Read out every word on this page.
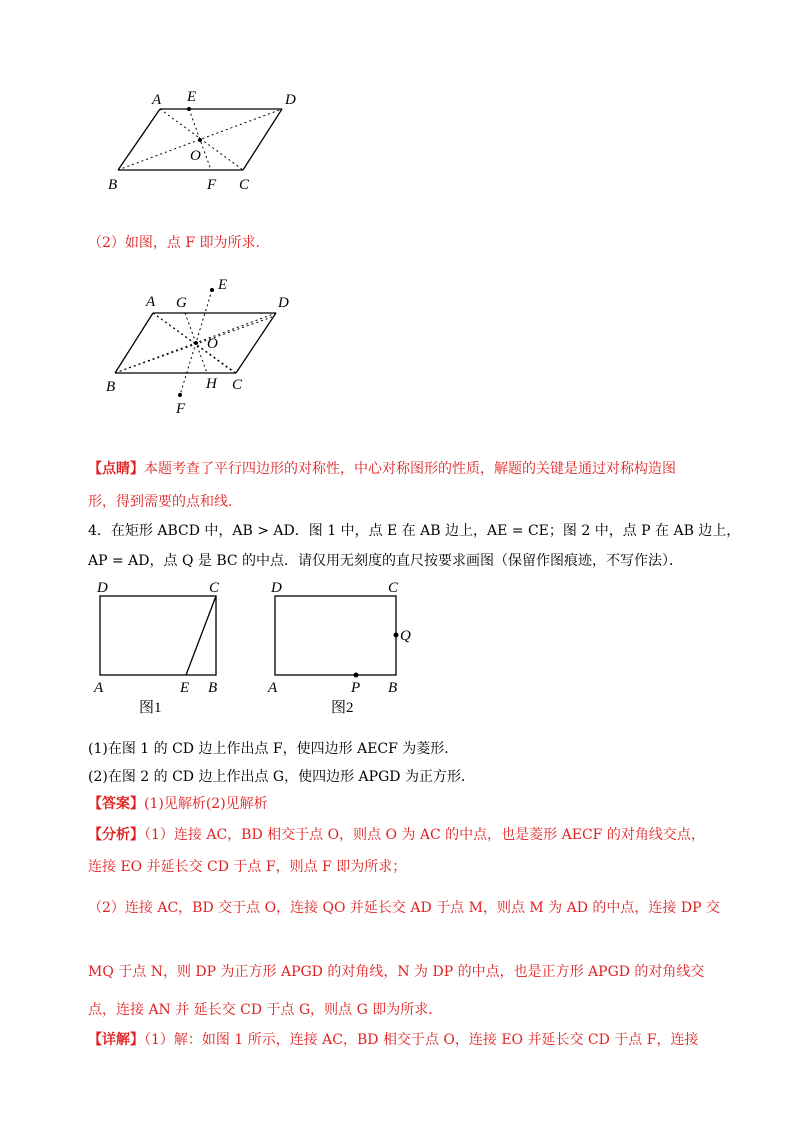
A E	D
O
B	F C
（2）如图，点 F 即为所求．
A G
E
D
O
B	H C
F
【点睛】本题考查了平行四边形的对称性，中心对称图形的性质，解题的关键是通过对称构造图
形，得到需要的点和线．
4．在矩形 ABCD 中，AB > AD．图 1 中，点 E 在 AB 边上，AE = CE；图 2 中，点 P 在 AB 边上，
AP = AD，点 Q 是 BC 的中点．请仅用无刻度的直尺按要求画图（保留作图痕迹，不写作法）．
D	C
A	E B
图1
D	C
Q
A	P B
图2
(1)在图 1 的 CD 边上作出点 F，使四边形 AECF 为菱形．
(2)在图 2 的 CD 边上作出点 G，使四边形 APGD 为正方形．
【答案】(1)见解析(2)见解析
【分析】（1）连接 AC，BD 相交于点 O，则点 O 为 AC 的中点，也是菱形 AECF 的对角线交点，
连接 EO 并延长交 CD 于点 F，则点 F 即为所求；
（2）连接 AC，BD 交于点 O，连接 QO 并延长交 AD 于点 M，则点 M 为 AD 的中点，连接 DP 交
MQ 于点 N，则 DP 为正方形 APGD 的对角线，N 为 DP 的中点，也是正方形 APGD 的对角线交
点，连接 AN 并 延长交 CD 于点 G，则点 G 即为所求．
【详解】（1）解：如图 1 所示，连接 AC，BD 相交于点 O，连接 EO 并延长交 CD 于点 F，连接
